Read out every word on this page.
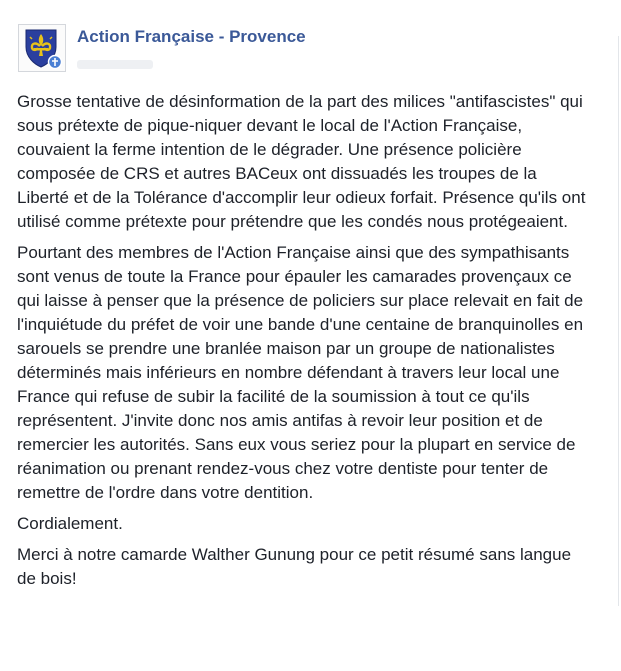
Action Française - Provence

Grosse tentative de désinformation de la part des milices "antifascistes" qui
sous prétexte de pique-niquer devant le local de l'Action Française,
couvaient la ferme intention de le dégrader. Une présence policière
composée de CRS et autres BACeux ont dissuadés les troupes de la
Liberté et de la Tolérance d'accomplir leur odieux forfait. Présence qu'ils ont
utilisé comme prétexte pour prétendre que les condés nous protégeaient.

Pourtant des membres de l'Action Française ainsi que des sympathisants
sont venus de toute la France pour épauler les camarades provençaux ce
qui laisse à penser que la présence de policiers sur place relevait en fait de
l'inquiétude du préfet de voir une bande d'une centaine de branquinolles en
sarouels se prendre une branlée maison par un groupe de nationalistes
déterminés mais inférieurs en nombre défendant à travers leur local une
France qui refuse de subir la facilité de la soumission à tout ce qu'ils
représentent. J'invite donc nos amis antifas à revoir leur position et de
remercier les autorités. Sans eux vous seriez pour la plupart en service de
réanimation ou prenant rendez-vous chez votre dentiste pour tenter de
remettre de l'ordre dans votre dentition.

Cordialement.

Merci à notre camarde Walther Gunung pour ce petit résumé sans langue
de bois!
